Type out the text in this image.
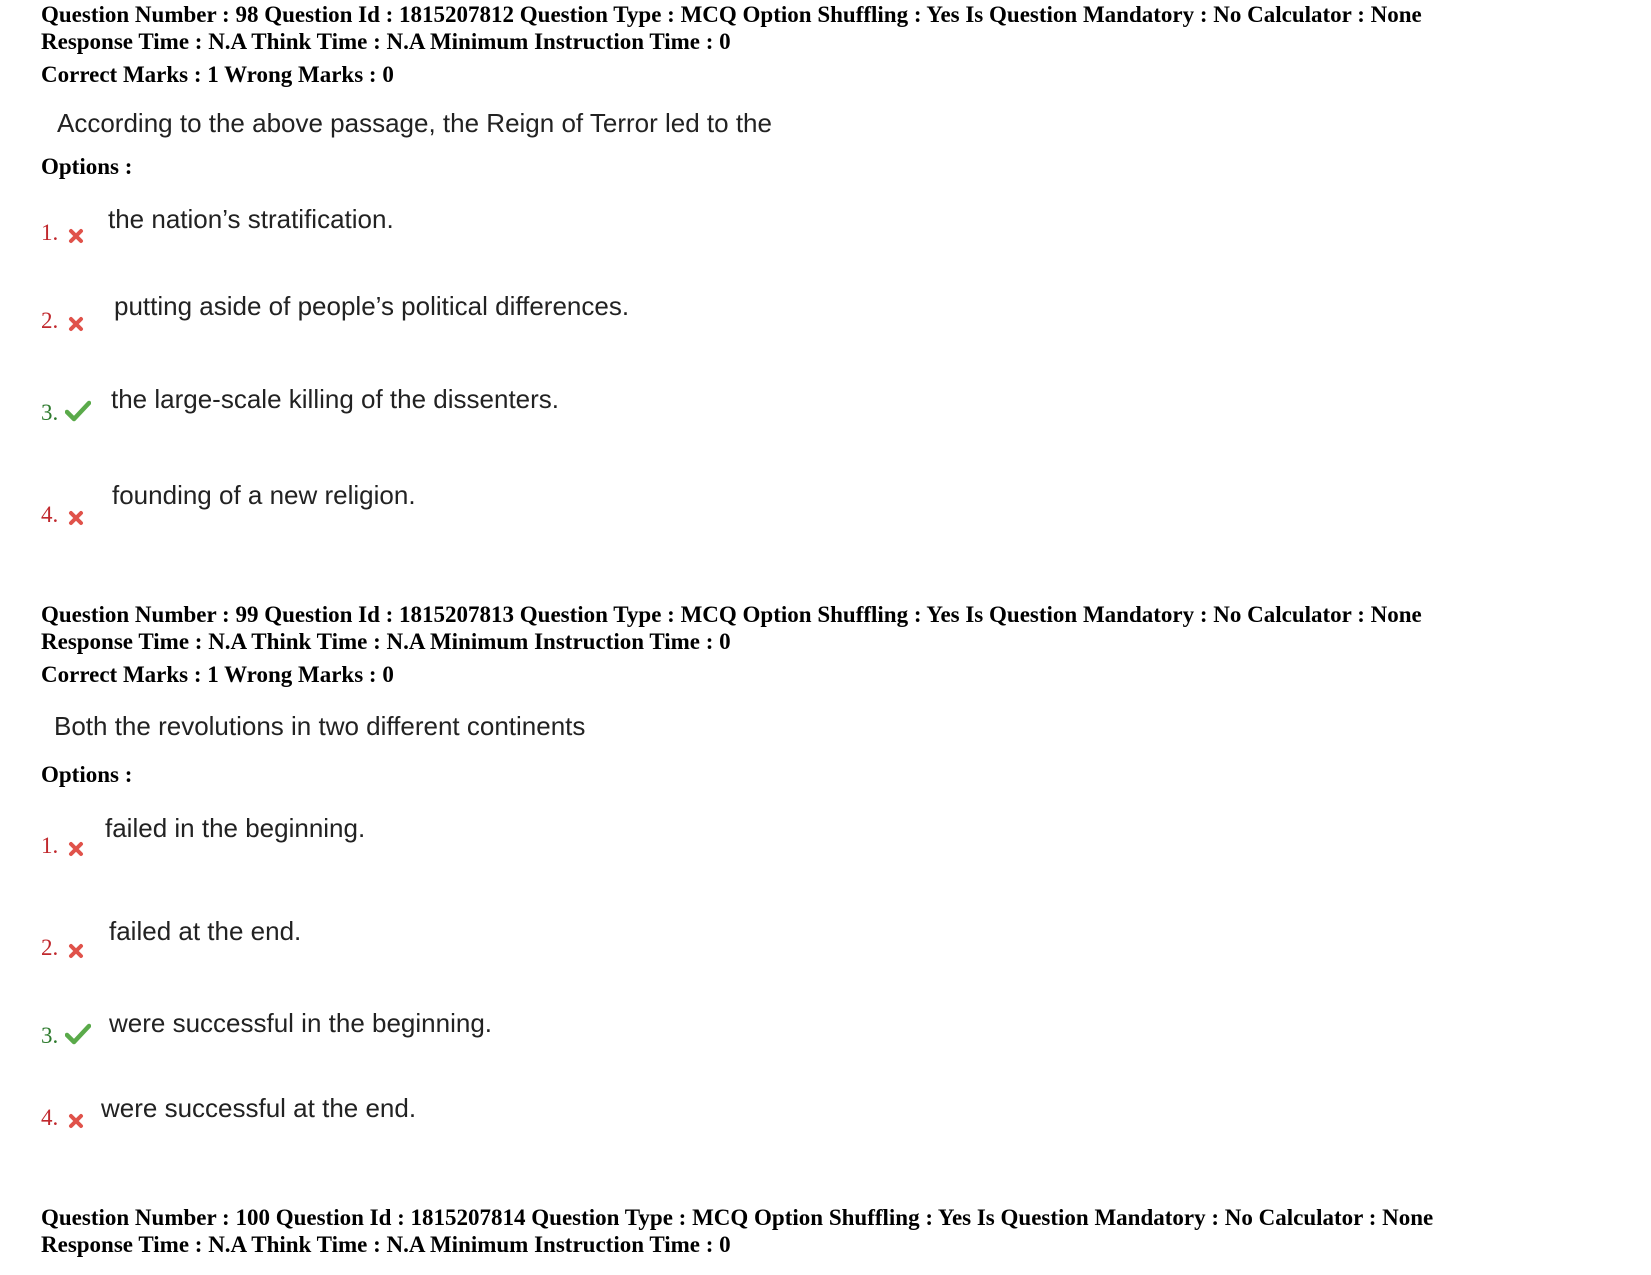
Question Number : 98 Question Id : 1815207812 Question Type : MCQ Option Shuffling : Yes Is Question Mandatory : No Calculator : None
Response Time : N.A Think Time : N.A Minimum Instruction Time : 0
Correct Marks : 1 Wrong Marks : 0
According to the above passage, the Reign of Terror led to the
Options :
1. the nation’s stratification.
2. putting aside of people’s political differences.
3. the large-scale killing of the dissenters.
4.
founding of a new religion.
Question Number : 99 Question Id : 1815207813 Question Type : MCQ Option Shuffling : Yes Is Question Mandatory : No Calculator : None
Response Time : N.A Think Time : N.A Minimum Instruction Time : 0
Correct Marks : 1 Wrong Marks : 0
Both the revolutions in two different continents
Options :
1.
failed in the beginning.
2.
failed at the end.
3. were successful in the beginning.
4. were successful at the end.
Question Number : 100 Question Id : 1815207814 Question Type : MCQ Option Shuffling : Yes Is Question Mandatory : No Calculator : None
Response Time : N.A Think Time : N.A Minimum Instruction Time : 0
